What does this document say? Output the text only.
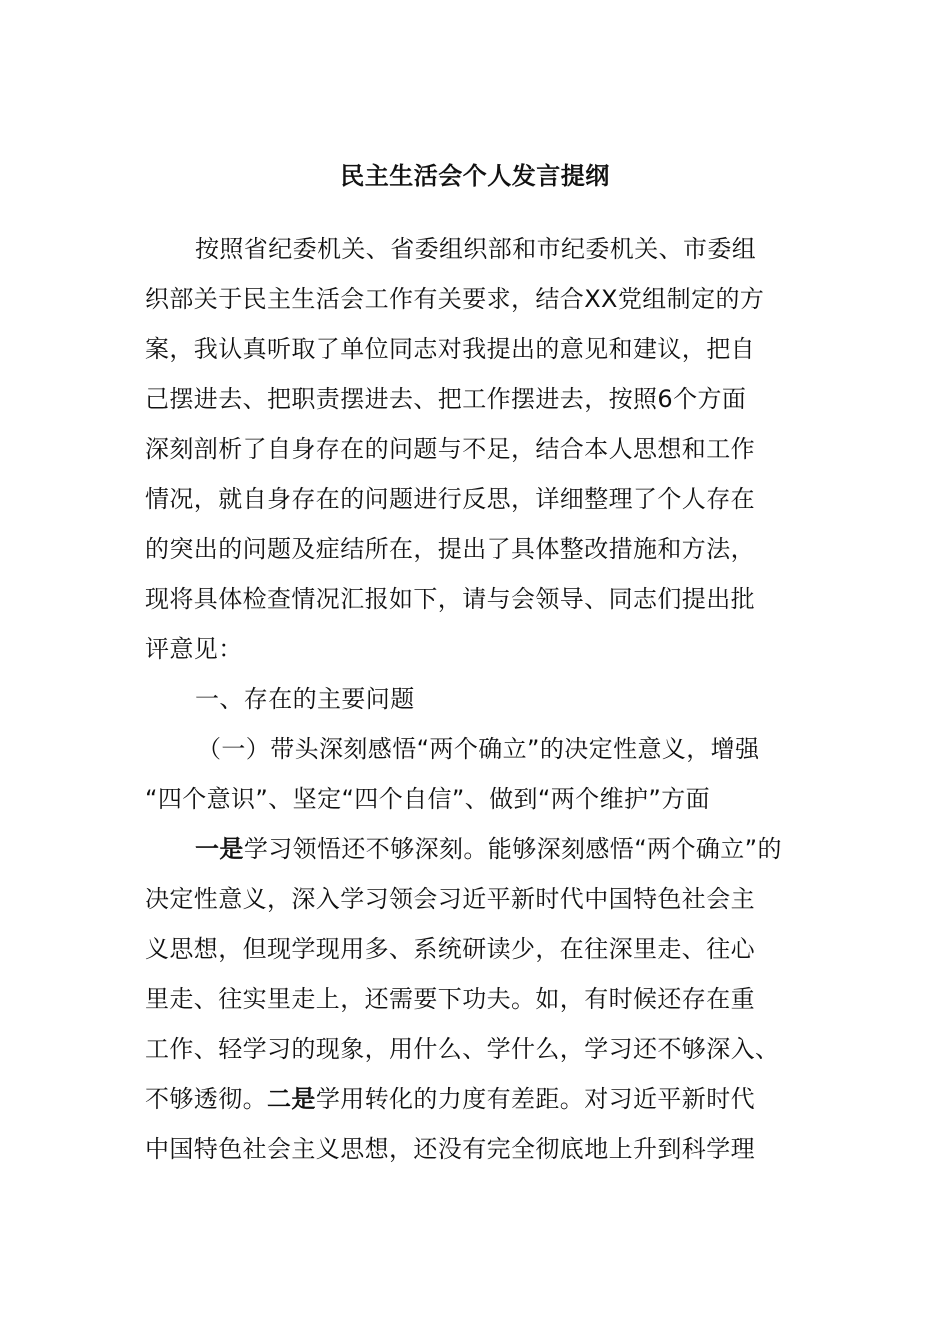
民主生活会个人发言提纲
按照省纪委机关、省委组织部和市纪委机关、市委组
织部关于民主生活会工作有关要求，结合XX党组制定的方
案，我认真听取了单位同志对我提出的意见和建议，把自
己摆进去、把职责摆进去、把工作摆进去，按照6个方面
深刻剖析了自身存在的问题与不足，结合本人思想和工作
情况，就自身存在的问题进行反思，详细整理了个人存在
的突出的问题及症结所在，提出了具体整改措施和方法，
现将具体检查情况汇报如下，请与会领导、同志们提出批
评意见：
一、存在的主要问题
（一）带头深刻感悟“两个确立”的决定性意义，增强
“四个意识”、坚定“四个自信”、做到“两个维护”方面
一是学习领悟还不够深刻。能够深刻感悟“两个确立”的
决定性意义，深入学习领会习近平新时代中国特色社会主
义思想，但现学现用多、系统研读少，在往深里走、往心
里走、往实里走上，还需要下功夫。如，有时候还存在重
工作、轻学习的现象，用什么、学什么，学习还不够深入、
不够透彻。二是学用转化的力度有差距。对习近平新时代
中国特色社会主义思想，还没有完全彻底地上升到科学理
